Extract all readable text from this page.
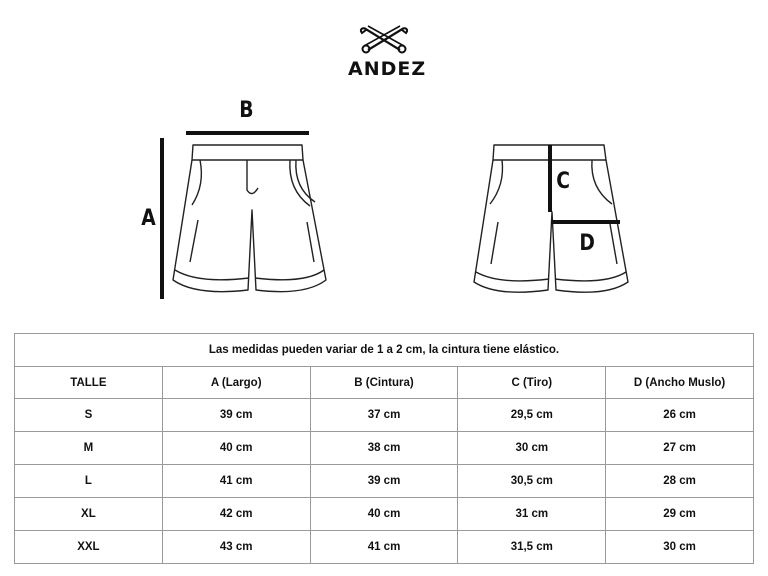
ANDEZ
B
A
C
D
Las medidas pueden variar de 1 a 2 cm, la cintura tiene elástico.				
TALLE	A (Largo)	B (Cintura)	C (Tiro)	D (Ancho Muslo)
S	39 cm	37 cm	29,5 cm	26 cm
M	40 cm	38 cm	30 cm	27 cm
L	41 cm	39 cm	30,5 cm	28 cm
XL	42 cm	40 cm	31 cm	29 cm
XXL	43 cm	41 cm	31,5 cm	30 cm
